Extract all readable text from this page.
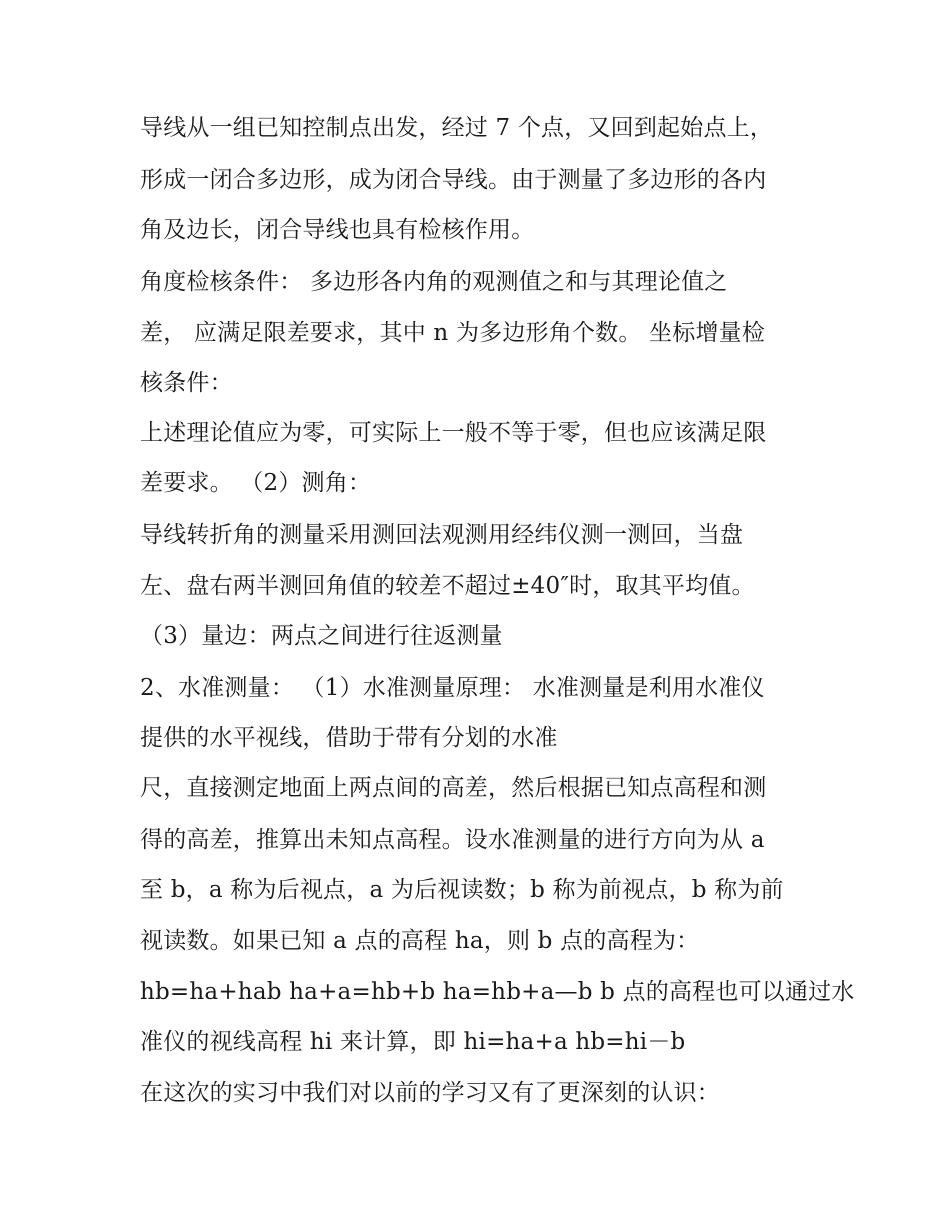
导线从一组已知控制点出发，经过 7 个点，又回到起始点上，
形成一闭合多边形，成为闭合导线。由于测量了多边形的各内
角及边长，闭合导线也具有检核作用。
角度检核条件： 多边形各内角的观测值之和与其理论值之
差， 应满足限差要求，其中 n 为多边形角个数。 坐标增量检
核条件：
上述理论值应为零，可实际上一般不等于零，但也应该满足限
差要求。 （2）测角：
导线转折角的测量采用测回法观测用经纬仪测一测回，当盘
左、盘右两半测回角值的较差不超过±40″时，取其平均值。
（3）量边：两点之间进行往返测量
2、水准测量： （1）水准测量原理： 水准测量是利用水准仪
提供的水平视线，借助于带有分划的水准
尺，直接测定地面上两点间的高差，然后根据已知点高程和测
得的高差，推算出未知点高程。设水准测量的进行方向为从 a
至 b，a 称为后视点，a 为后视读数；b 称为前视点，b 称为前
视读数。如果已知 a 点的高程 ha，则 b 点的高程为：
hb=ha+hab ha+a=hb+b ha=hb+a—b b 点的高程也可以通过水
准仪的视线高程 hi 来计算，即 hi=ha+a hb=hi－b
在这次的实习中我们对以前的学习又有了更深刻的认识：
